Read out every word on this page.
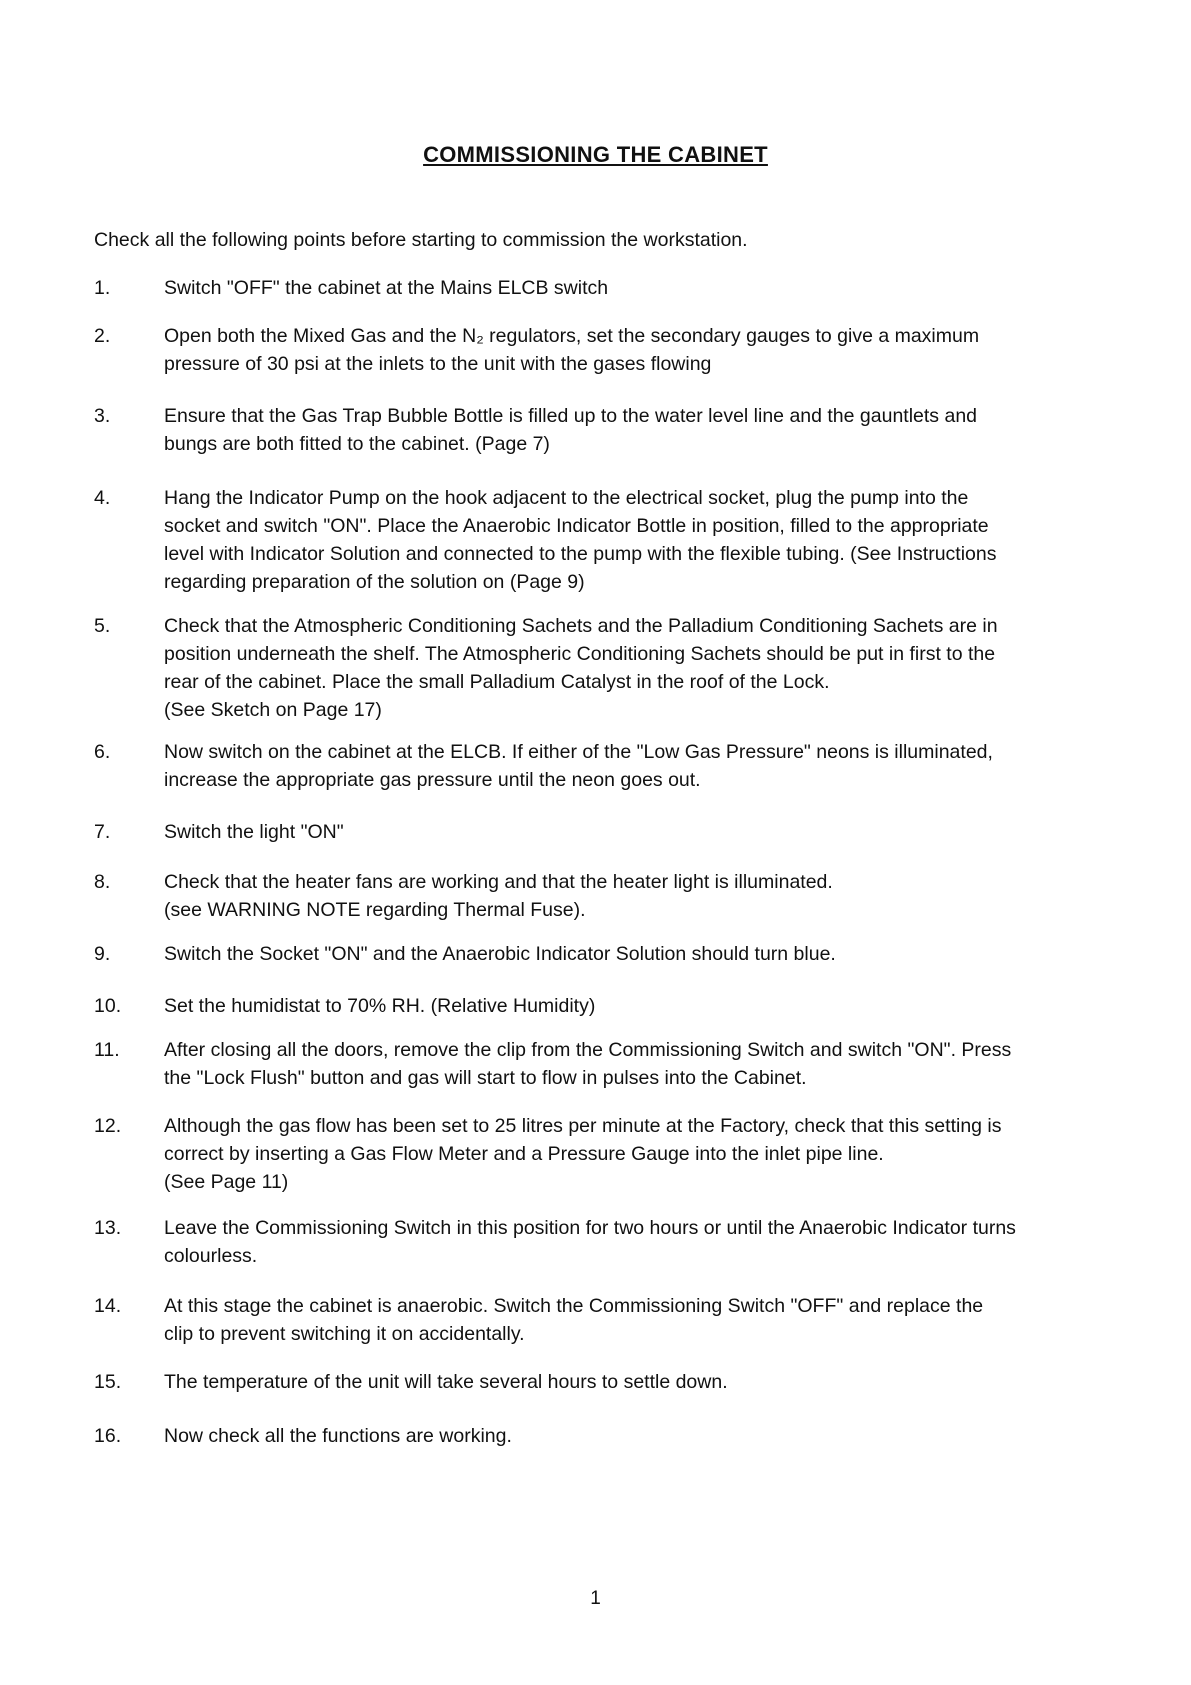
COMMISSIONING THE CABINET
Check all the following points before starting to commission the workstation.
1.	Switch "OFF" the cabinet at the Mains ELCB switch
2.	Open both the Mixed Gas and the N₂ regulators, set the secondary gauges to give a maximum
pressure of 30 psi at the inlets to the unit with the gases flowing
3.	Ensure that the Gas Trap Bubble Bottle is filled up to the water level line and the gauntlets and
bungs are both fitted to the cabinet. (Page 7)
4.	Hang the Indicator Pump on the hook adjacent to the electrical socket, plug the pump into the
socket and switch "ON". Place the Anaerobic Indicator Bottle in position, filled to the appropriate
level with Indicator Solution and connected to the pump with the flexible tubing. (See Instructions
regarding preparation of the solution on (Page 9)
5.	Check that the Atmospheric Conditioning Sachets and the Palladium Conditioning Sachets are in
position underneath the shelf. The Atmospheric Conditioning Sachets should be put in first to the
rear of the cabinet. Place the small Palladium Catalyst in the roof of the Lock.
(See Sketch on Page 17)
6.	Now switch on the cabinet at the ELCB. If either of the "Low Gas Pressure" neons is illuminated,
increase the appropriate gas pressure until the neon goes out.
7.	Switch the light "ON"
8.	Check that the heater fans are working and that the heater light is illuminated.
(see WARNING NOTE regarding Thermal Fuse).
9.	Switch the Socket "ON" and the Anaerobic Indicator Solution should turn blue.
10.	Set the humidistat to 70% RH. (Relative Humidity)
11.	After closing all the doors, remove the clip from the Commissioning Switch and switch "ON". Press
the "Lock Flush" button and gas will start to flow in pulses into the Cabinet.
12.	Although the gas flow has been set to 25 litres per minute at the Factory, check that this setting is
correct by inserting a Gas Flow Meter and a Pressure Gauge into the inlet pipe line.
(See Page 11)
13.	Leave the Commissioning Switch in this position for two hours or until the Anaerobic Indicator turns
colourless.
14.	At this stage the cabinet is anaerobic. Switch the Commissioning Switch "OFF" and replace the
clip to prevent switching it on accidentally.
15.	The temperature of the unit will take several hours to settle down.
16.	Now check all the functions are working.
1
